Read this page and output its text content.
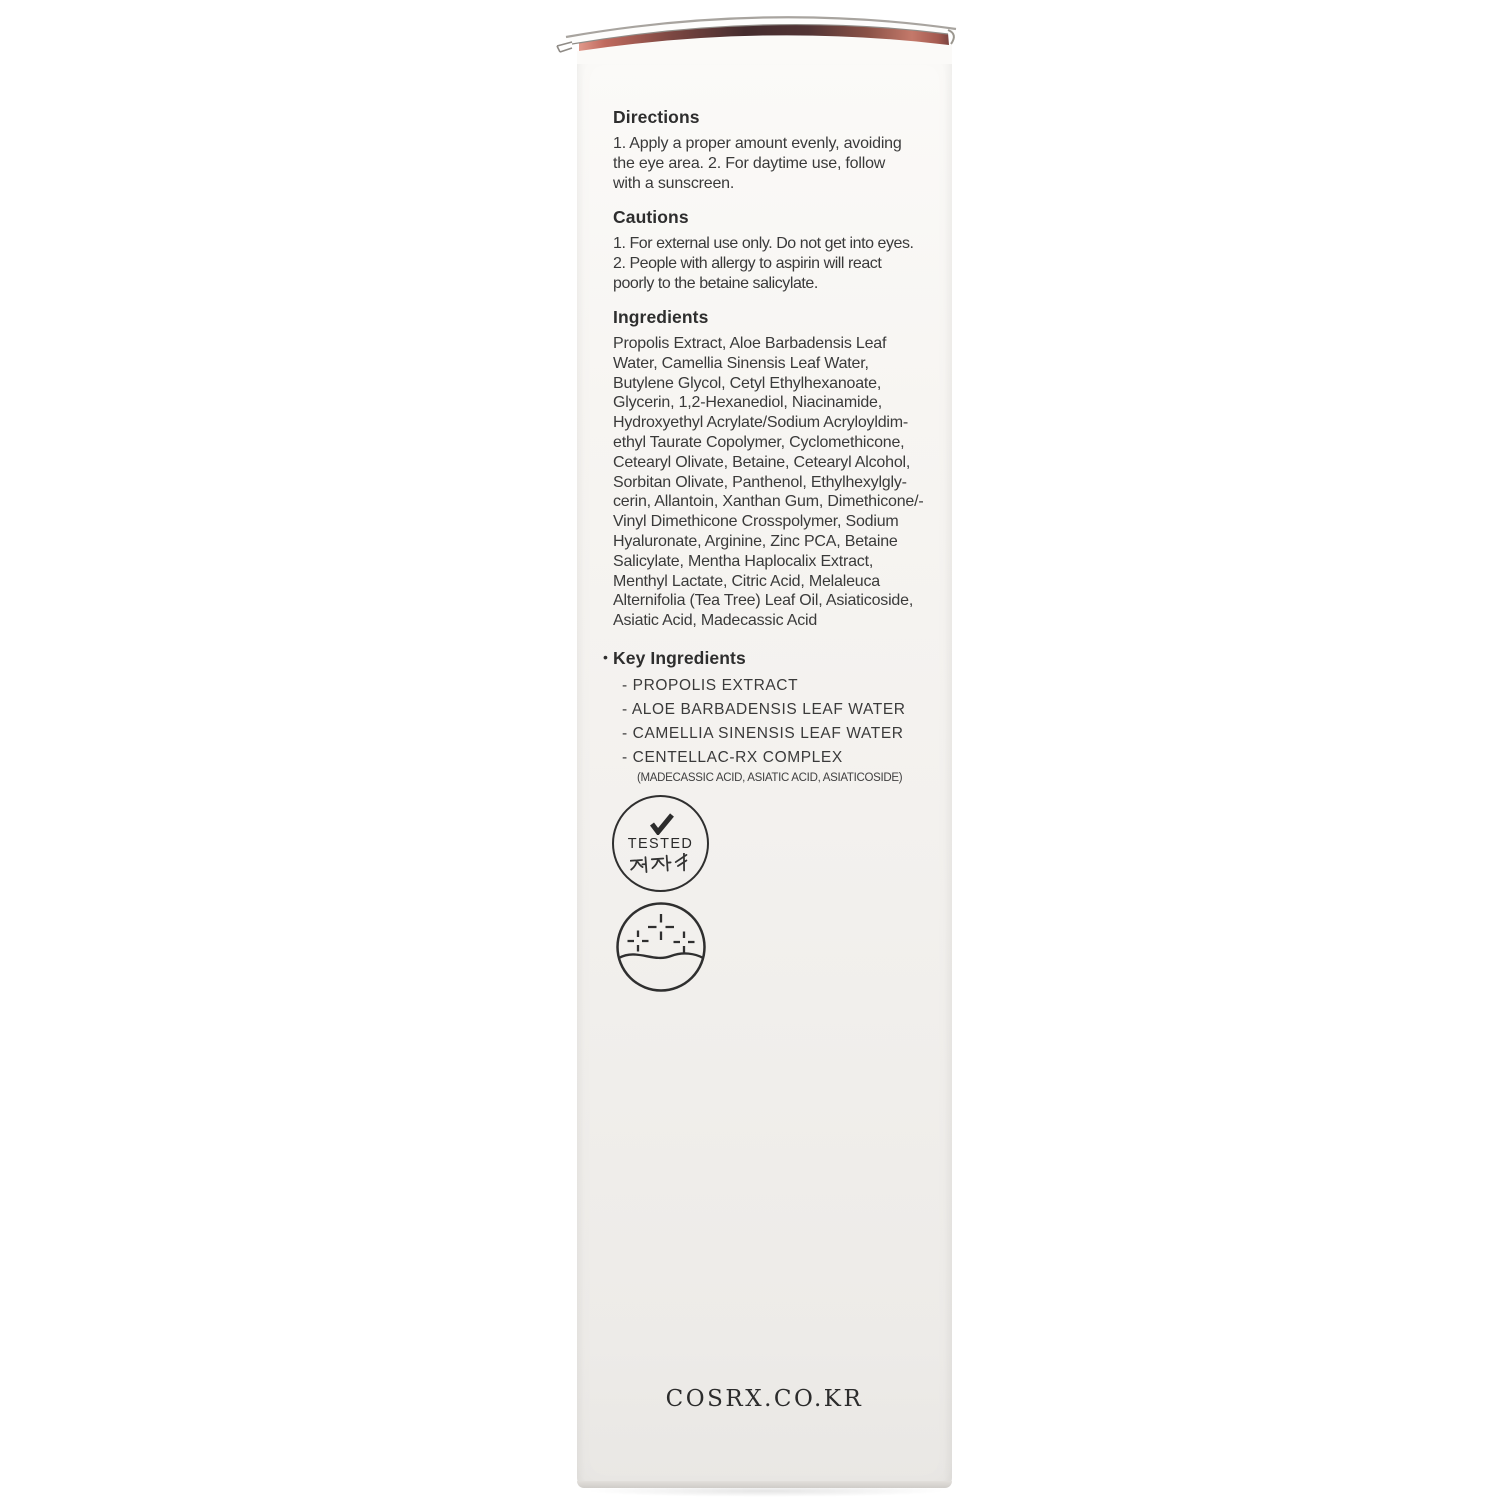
Directions
1. Apply a proper amount evenly, avoiding
the eye area. 2. For daytime use, follow
with a sunscreen.
Cautions
1. For external use only. Do not get into eyes.
2. People with allergy to aspirin will react
poorly to the betaine salicylate.
Ingredients
Propolis Extract, Aloe Barbadensis Leaf
Water, Camellia Sinensis Leaf Water,
Butylene Glycol, Cetyl Ethylhexanoate,
Glycerin, 1,2-Hexanediol, Niacinamide,
Hydroxyethyl Acrylate/Sodium Acryloyldim-
ethyl Taurate Copolymer, Cyclomethicone,
Cetearyl Olivate, Betaine, Cetearyl Alcohol,
Sorbitan Olivate, Panthenol, Ethylhexylgly-
cerin, Allantoin, Xanthan Gum, Dimethicone/-
Vinyl Dimethicone Crosspolymer, Sodium
Hyaluronate, Arginine, Zinc PCA, Betaine
Salicylate, Mentha Haplocalix Extract,
Menthyl Lactate, Citric Acid, Melaleuca
Alternifolia (Tea Tree) Leaf Oil, Asiaticoside,
Asiatic Acid, Madecassic Acid
• Key Ingredients
- PROPOLIS EXTRACT
- ALOE BARBADENSIS LEAF WATER
- CAMELLIA SINENSIS LEAF WATER
- CENTELLAC-RX COMPLEX
(MADECASSIC ACID, ASIATIC ACID, ASIATICOSIDE)
TESTED
COSRX.CO.KR
